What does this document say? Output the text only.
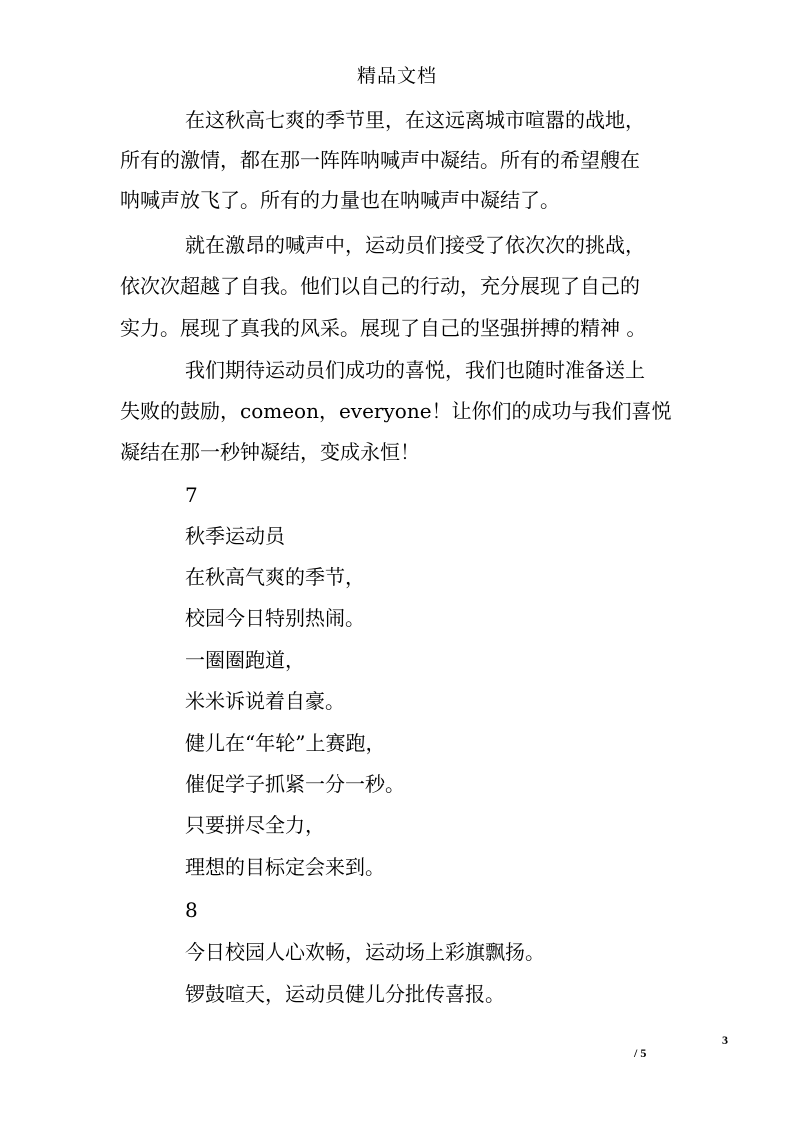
精品文档
在这秋高七爽的季节里，在这远离城市喧嚣的战地，
所有的激情，都在那一阵阵呐喊声中凝结。所有的希望艘在
呐喊声放飞了。所有的力量也在呐喊声中凝结了。
就在激昂的喊声中，运动员们接受了依次次的挑战，
依次次超越了自我。他们以自己的行动，充分展现了自己的
实力。展现了真我的风采。展现了自己的坚强拼搏的精神 。
我们期待运动员们成功的喜悦，我们也随时准备送上
失败的鼓励，comeon，everyone！让你们的成功与我们喜悦
凝结在那一秒钟凝结，变成永恒！
7
秋季运动员
在秋高气爽的季节，
校园今日特别热闹。
一圈圈跑道，
米米诉说着自豪。
健儿在“年轮”上赛跑，
催促学子抓紧一分一秒。
只要拼尽全力，
理想的目标定会来到。
8
今日校园人心欢畅，运动场上彩旗飘扬。
锣鼓喧天，运动员健儿分批传喜报。
3
/ 5
